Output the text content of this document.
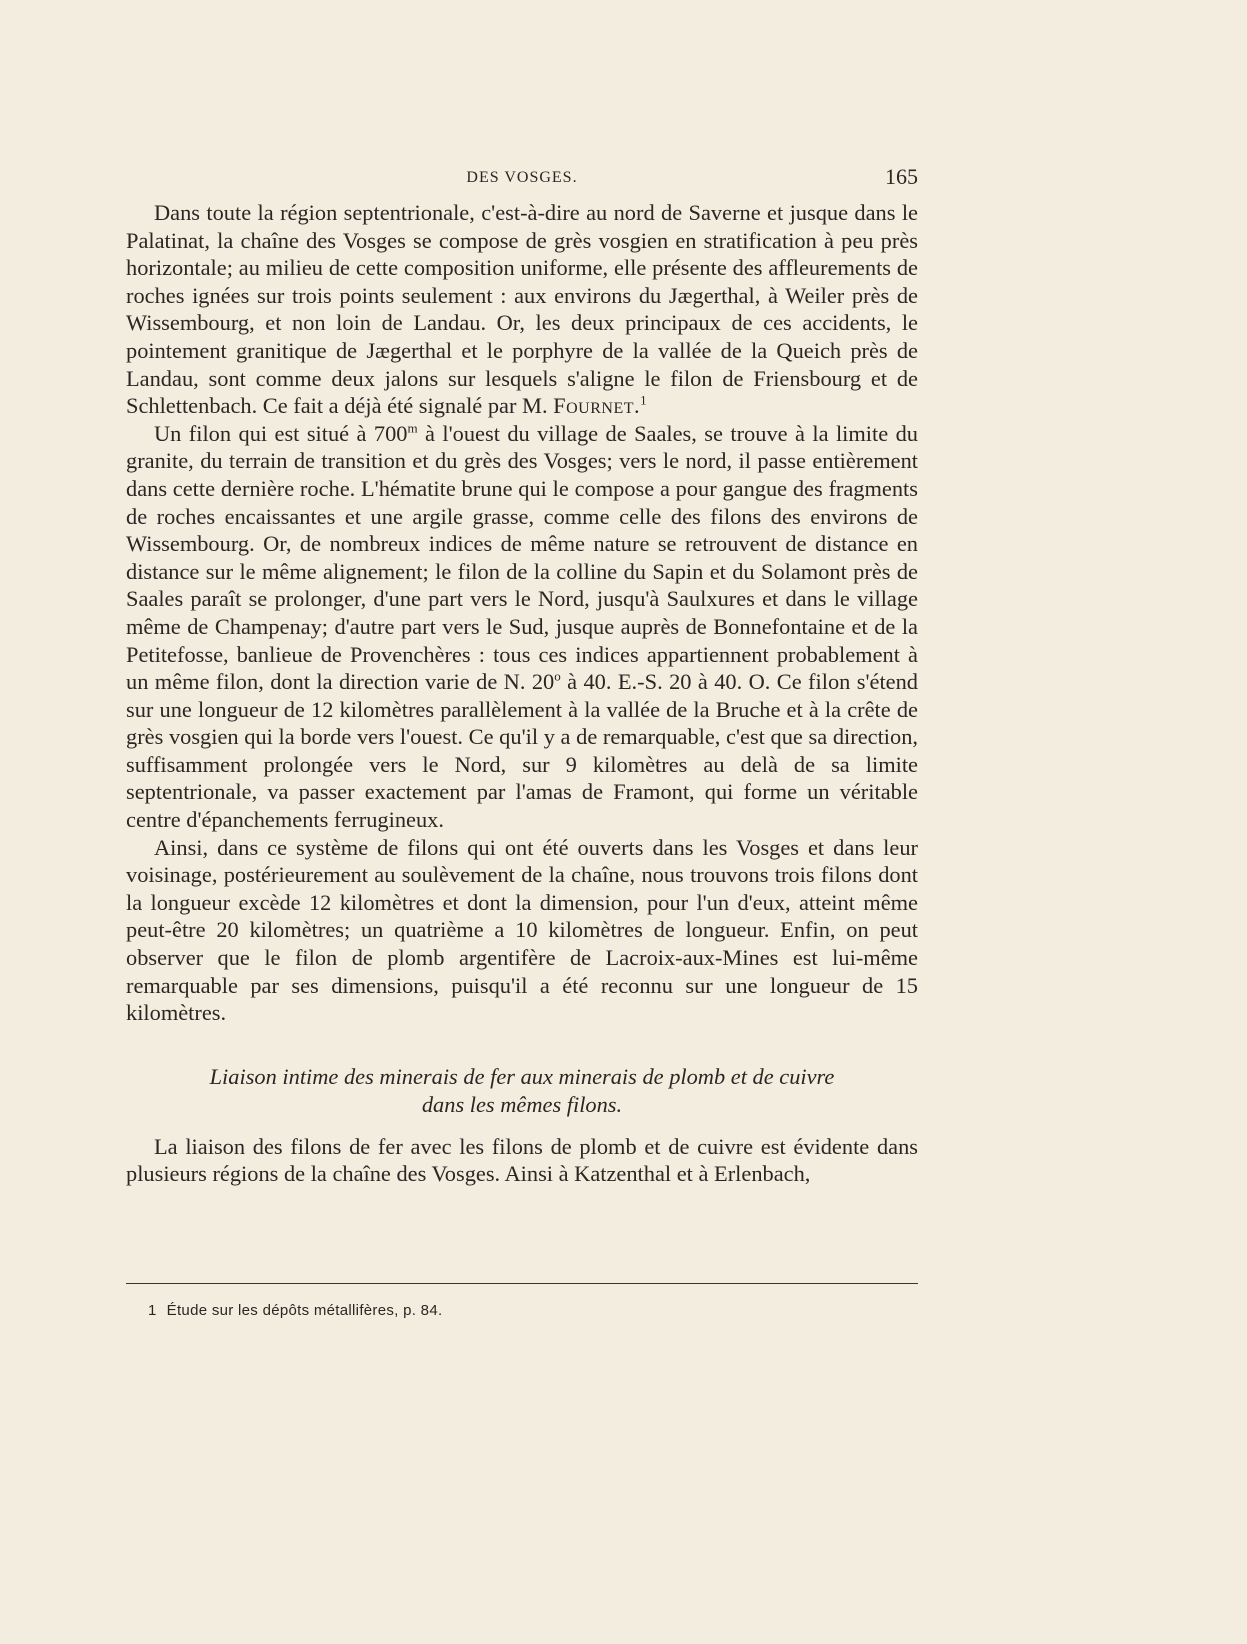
DES VOSGES.	165

Dans toute la région septentrionale, c'est-à-dire au nord de Saverne et jusque dans le Palatinat, la chaîne des Vosges se compose de grès vosgien en stratification à peu près horizontale; au milieu de cette composition uniforme, elle présente des affleurements de roches ignées sur trois points seulement : aux environs du Jægerthal, à Weiler près de Wissembourg, et non loin de Landau. Or, les deux principaux de ces accidents, le pointement granitique de Jægerthal et le porphyre de la vallée de la Queich près de Landau, sont comme deux jalons sur lesquels s'aligne le filon de Friensbourg et de Schlettenbach. Ce fait a déjà été signalé par M. Fournet.$^1$

Un filon qui est situé à 700$^m$ à l'ouest du village de Saales, se trouve à la limite du granite, du terrain de transition et du grès des Vosges; vers le nord, il passe entièrement dans cette dernière roche. L'hématite brune qui le compose a pour gangue des fragments de roches encaissantes et une argile grasse, comme celle des filons des environs de Wissembourg. Or, de nombreux indices de même nature se retrouvent de distance en distance sur le même alignement; le filon de la colline du Sapin et du Solamont près de Saales paraît se prolonger, d'une part vers le Nord, jusqu'à Saulxures et dans le village même de Champenay; d'autre part vers le Sud, jusque auprès de Bonnefontaine et de la Petitefosse, banlieue de Provenchères : tous ces indices appartiennent probablement à un même filon, dont la direction varie de N. 20$^o$ à 40. E.-S. 20 à 40. O. Ce filon s'étend sur une longueur de 12 kilomètres parallèlement à la vallée de la Bruche et à la crête de grès vosgien qui la borde vers l'ouest. Ce qu'il y a de remarquable, c'est que sa direction, suffisamment prolongée vers le Nord, sur 9 kilomètres au delà de sa limite septentrionale, va passer exactement par l'amas de Framont, qui forme un véritable centre d'épanchements ferrugineux.

Ainsi, dans ce système de filons qui ont été ouverts dans les Vosges et dans leur voisinage, postérieurement au soulèvement de la chaîne, nous trouvons trois filons dont la longueur excède 12 kilomètres et dont la dimension, pour l'un d'eux, atteint même peut-être 20 kilomètres; un quatrième a 10 kilomètres de longueur. Enfin, on peut observer que le filon de plomb argentifère de Lacroix-aux-Mines est lui-même remarquable par ses dimensions, puisqu'il a été reconnu sur une longueur de 15 kilomètres.

Liaison intime des minerais de fer aux minerais de plomb et de cuivre
dans les mêmes filons.

La liaison des filons de fer avec les filons de plomb et de cuivre est évidente dans plusieurs régions de la chaîne des Vosges. Ainsi à Katzenthal et à Erlenbach,

1 Étude sur les dépôts métallifères, p. 84.
